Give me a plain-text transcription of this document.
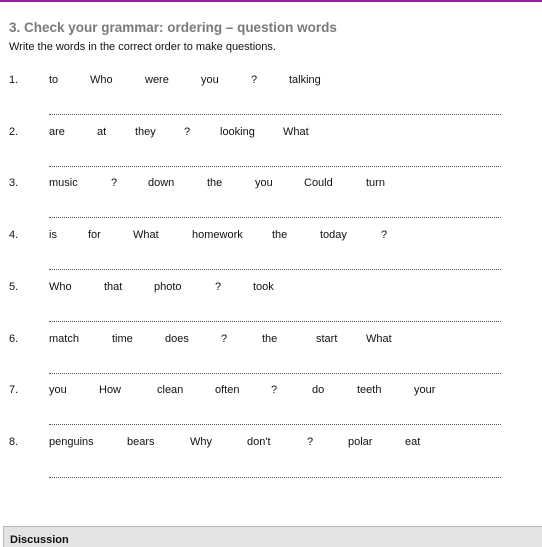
3. Check your grammar: ordering – question words
Write the words in the correct order to make questions.
1.	to	Who	were	you	?	talking
2.	are	at	they	?	looking	What
3.	music	?	down	the	you	Could	turn
4.	is	for	What	homework	the	today	?
5.	Who	that	photo	?	took
6.	match	time	does	?	the	start	What
7.	you	How	clean	often	?	do	teeth	your
8.	penguins	bears	Why	don't	?	polar	eat
Discussion
